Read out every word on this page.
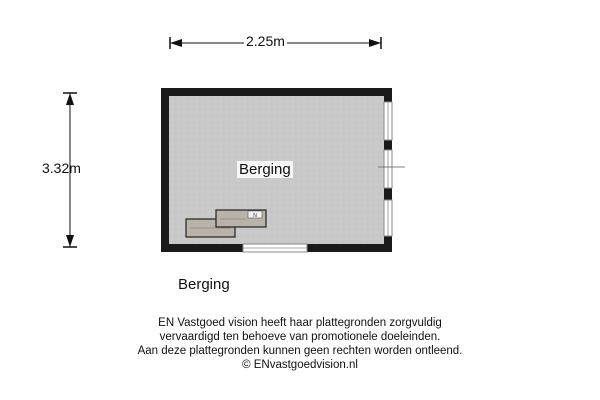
N
2.25m
3.32m	Berging
Berging
EN Vastgoed vision heeft haar plattegronden zorgvuldig
vervaardigd ten behoeve van promotionele doeleinden.
Aan deze plattegronden kunnen geen rechten worden ontleend.
© ENvastgoedvision.nl
